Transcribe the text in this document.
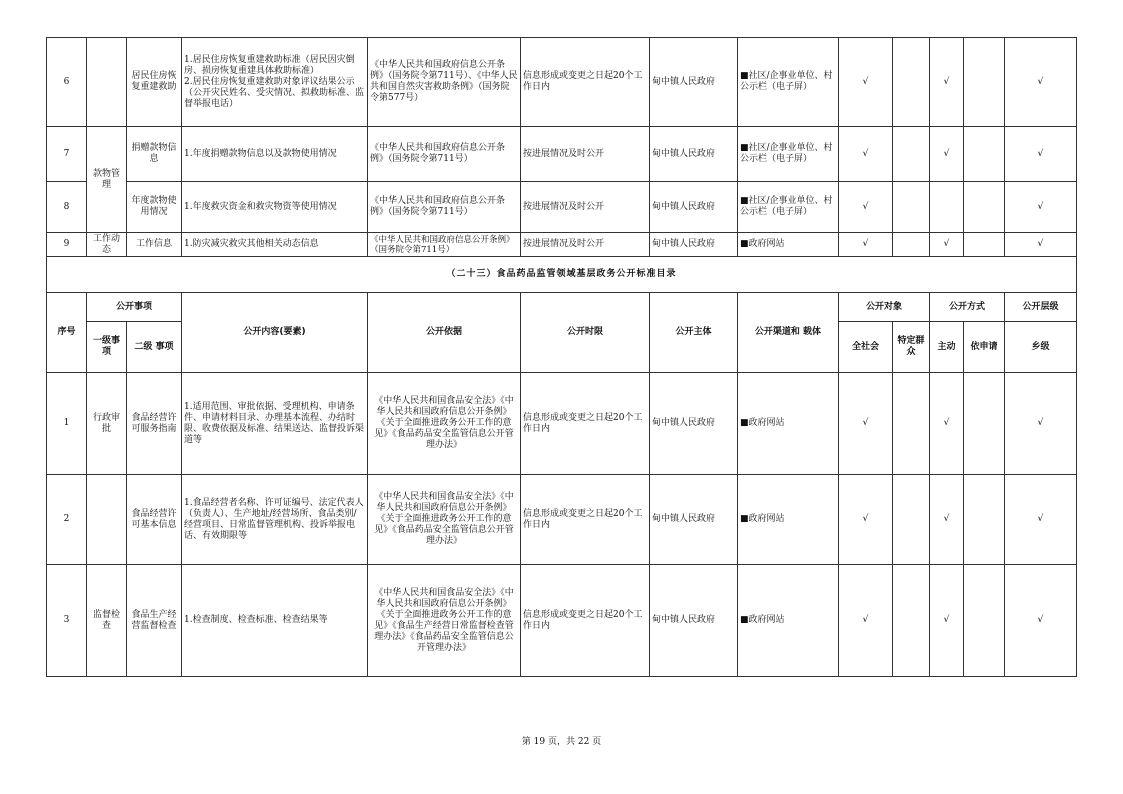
6		居民住房恢复重建救助	1.居民住房恢复重建救助标准（居民因灾倒房、损房恢复重建具体救助标准）
2.居民住房恢复重建救助对象评议结果公示（公开灾民姓名、受灾情况、拟救助标准、监督举报电话）	《中华人民共和国政府信息公开条例》（国务院令第711号）、《中华人民共和国自然灾害救助条例》（国务院令第577号）	信息形成或变更之日起20个工作日内	甸中镇人民政府	■社区/企事业单位、村公示栏（电子屏）	√		√		√
7	款物管理	捐赠款物信息	1.年度捐赠款物信息以及款物使用情况	《中华人民共和国政府信息公开条例》（国务院令第711号）	按进展情况及时公开	甸中镇人民政府	■社区/企事业单位、村公示栏（电子屏）	√		√		√
8		年度款物使用情况	1.年度救灾资金和救灾物资等使用情况	《中华人民共和国政府信息公开条例》（国务院令第711号）	按进展情况及时公开	甸中镇人民政府	■社区/企事业单位、村公示栏（电子屏）	√				√
9	工作动态	工作信息	1.防灾减灾救灾其他相关动态信息	《中华人民共和国政府信息公开条例》（国务院令第711号）	按进展情况及时公开	甸中镇人民政府	■政府网站	√		√		√
（二十三）食品药品监管领域基层政务公开标准目录												
序号	公开事项		公开内容(要素)	公开依据	公开时限	公开主体	公开渠道和 载体	公开对象		公开方式		公开层级
	一级事项	二级 事项						全社会	特定群众	主动	依申请	乡级
1	行政审批	食品经营许可服务指南	1.适用范围、审批依据、受理机构、申请条件、申请材料目录、办理基本流程、办结时限、收费依据及标准、结果送达、监督投诉渠道等	《中华人民共和国食品安全法》《中华人民共和国政府信息公开条例》《关于全面推进政务公开工作的意见》《食品药品安全监管信息公开管理办法》	信息形成或变更之日起20个工作日内	甸中镇人民政府	■政府网站	√		√		√
2		食品经营许可基本信息	1.食品经营者名称、许可证编号、法定代表人（负责人）、生产地址/经营场所、食品类别/经营项目、日常监督管理机构、投诉举报电话、有效期限等	《中华人民共和国食品安全法》《中华人民共和国政府信息公开条例》《关于全面推进政务公开工作的意见》《食品药品安全监管信息公开管理办法》	信息形成或变更之日起20个工作日内	甸中镇人民政府	■政府网站	√		√		√
3	监督检查	食品生产经营监督检查	1.检查制度、检查标准、检查结果等	《中华人民共和国食品安全法》《中华人民共和国政府信息公开条例》《关于全面推进政务公开工作的意见》《食品生产经营日常监督检查管理办法》《食品药品安全监管信息公开管理办法》	信息形成或变更之日起20个工作日内	甸中镇人民政府	■政府网站	√		√		√
第 19 页，共 22 页
